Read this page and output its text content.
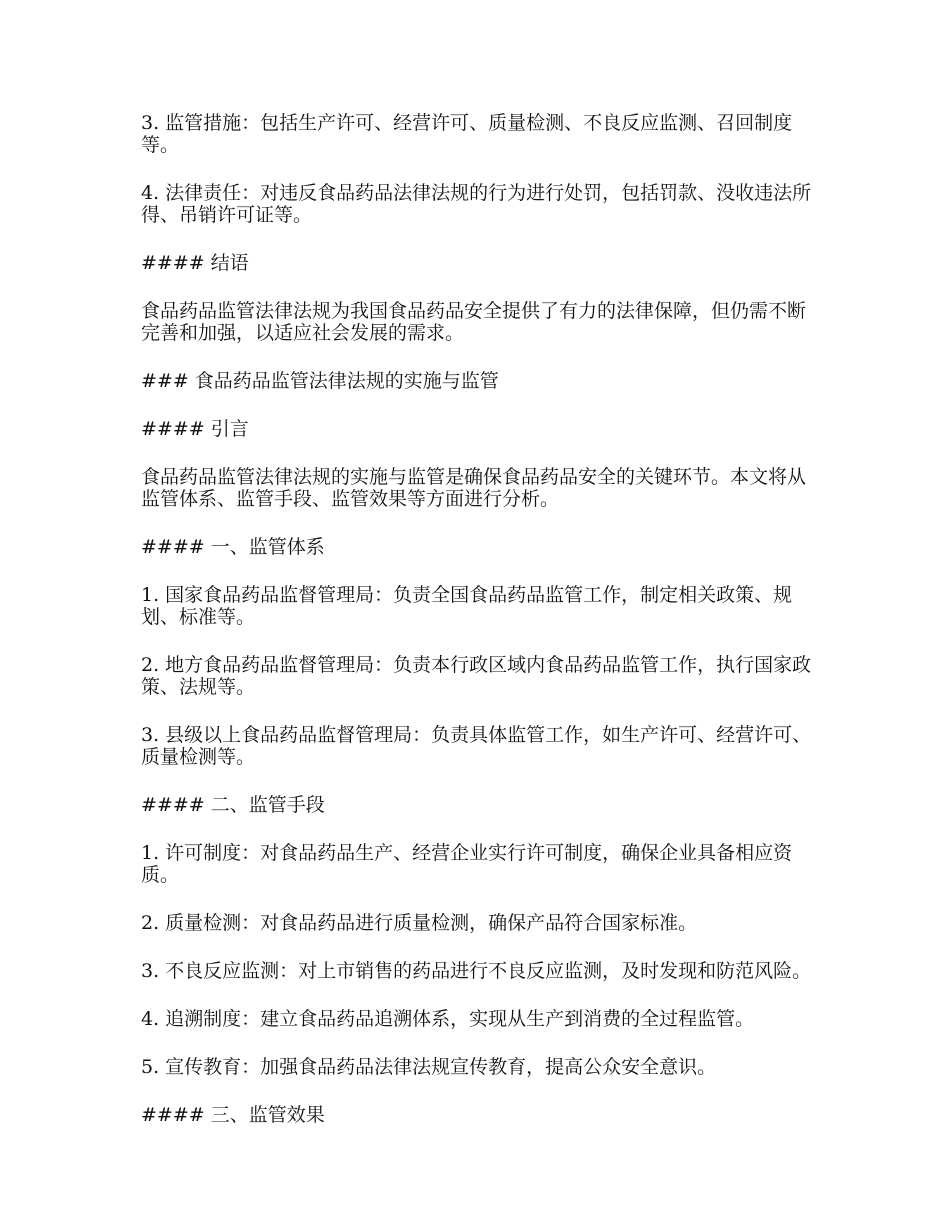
3. 监管措施：包括生产许可、经营许可、质量检测、不良反应监测、召回制度等。

4. 法律责任：对违反食品药品法律法规的行为进行处罚，包括罚款、没收违法所得、吊销许可证等。

#### 结语

食品药品监管法律法规为我国食品药品安全提供了有力的法律保障，但仍需不断完善和加强，以适应社会发展的需求。

### 食品药品监管法律法规的实施与监管

#### 引言

食品药品监管法律法规的实施与监管是确保食品药品安全的关键环节。本文将从监管体系、监管手段、监管效果等方面进行分析。

#### 一、监管体系

1. 国家食品药品监督管理局：负责全国食品药品监管工作，制定相关政策、规划、标准等。

2. 地方食品药品监督管理局：负责本行政区域内食品药品监管工作，执行国家政策、法规等。

3. 县级以上食品药品监督管理局：负责具体监管工作，如生产许可、经营许可、质量检测等。

#### 二、监管手段

1. 许可制度：对食品药品生产、经营企业实行许可制度，确保企业具备相应资质。

2. 质量检测：对食品药品进行质量检测，确保产品符合国家标准。

3. 不良反应监测：对上市销售的药品进行不良反应监测，及时发现和防范风险。

4. 追溯制度：建立食品药品追溯体系，实现从生产到消费的全过程监管。

5. 宣传教育：加强食品药品法律法规宣传教育，提高公众安全意识。

#### 三、监管效果
